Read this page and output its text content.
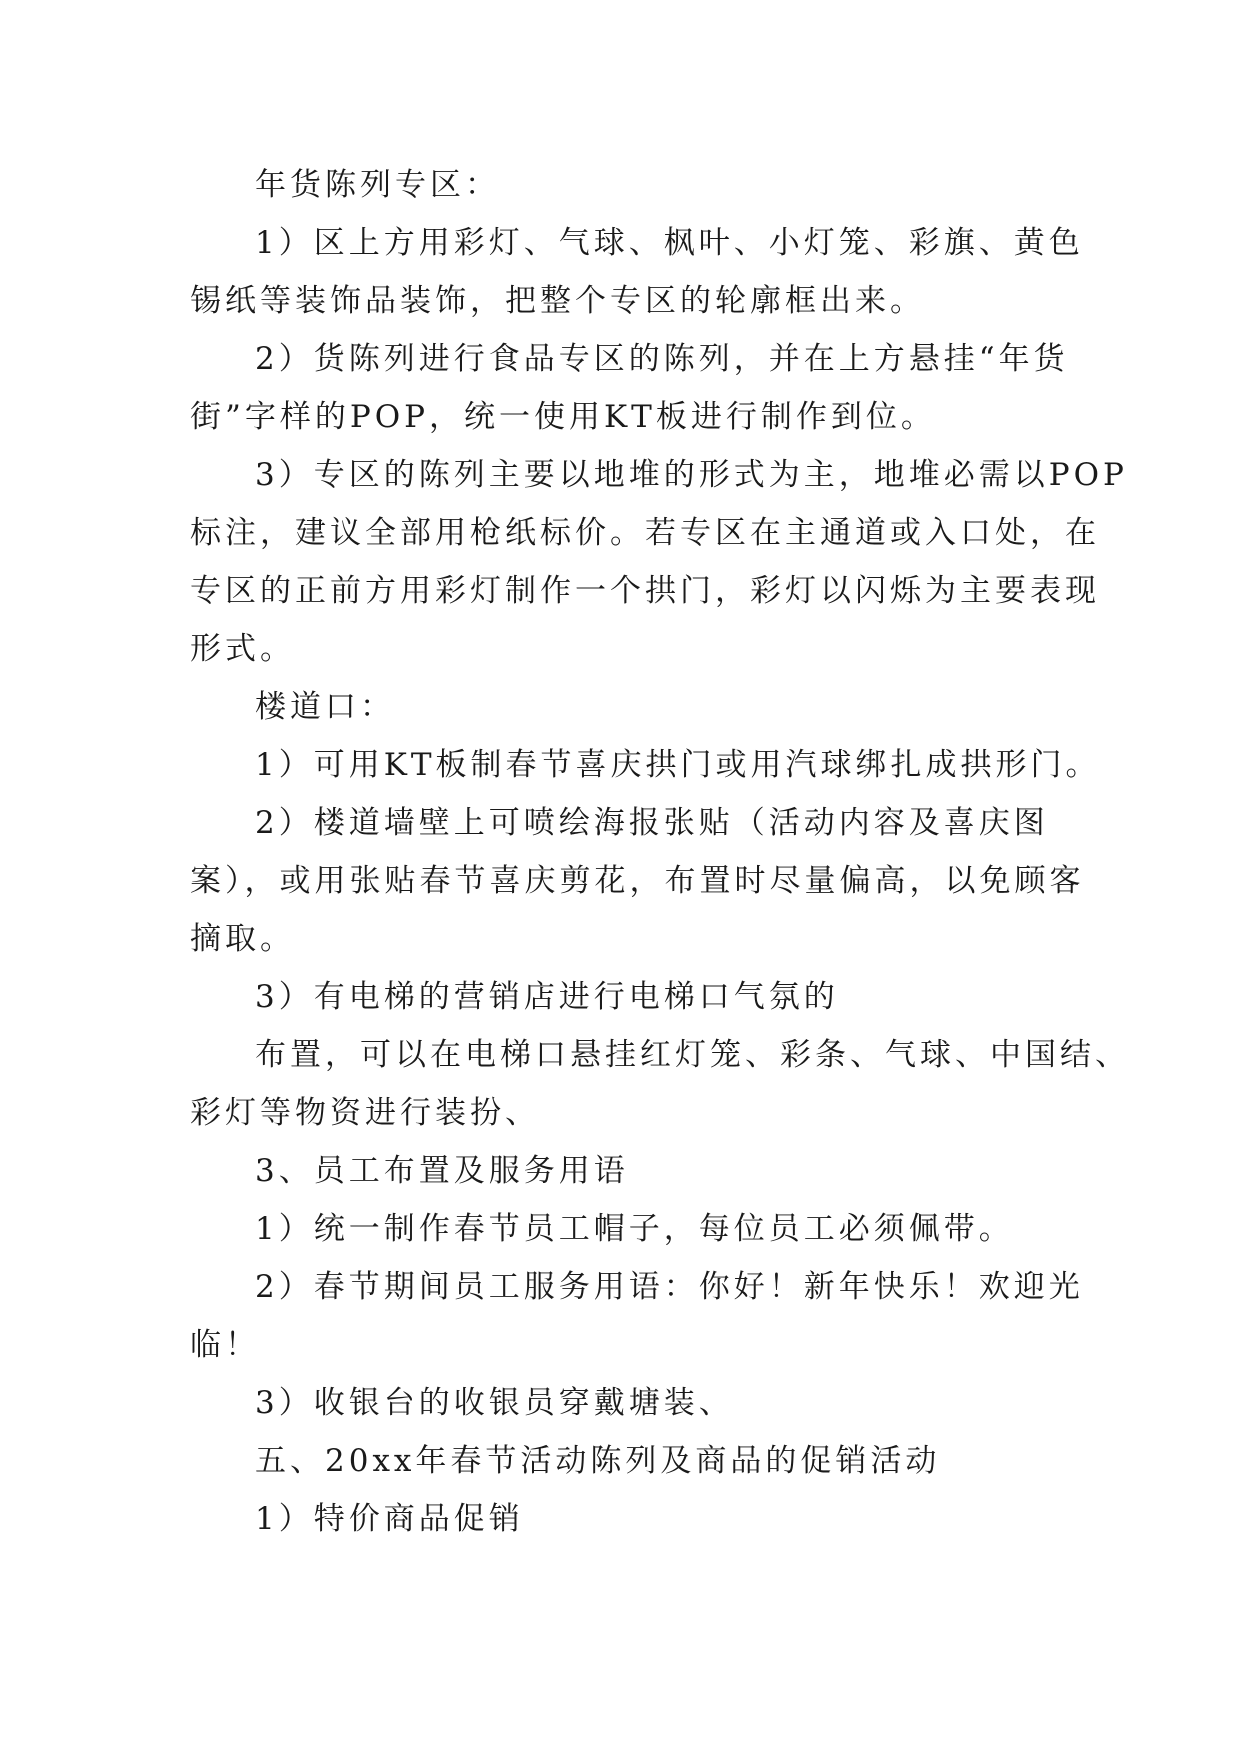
年货陈列专区：
1）区上方用彩灯、气球、枫叶、小灯笼、彩旗、黄色
锡纸等装饰品装饰，把整个专区的轮廓框出来。
2）货陈列进行食品专区的陈列，并在上方悬挂“年货
街”字样的POP，统一使用KT板进行制作到位。
3）专区的陈列主要以地堆的形式为主，地堆必需以POP
标注，建议全部用枪纸标价。若专区在主通道或入口处，在
专区的正前方用彩灯制作一个拱门，彩灯以闪烁为主要表现
形式。
楼道口：
1）可用KT板制春节喜庆拱门或用汽球绑扎成拱形门。
2）楼道墙壁上可喷绘海报张贴（活动内容及喜庆图
案），或用张贴春节喜庆剪花，布置时尽量偏高，以免顾客
摘取。
3）有电梯的营销店进行电梯口气氛的
布置，可以在电梯口悬挂红灯笼、彩条、气球、中国结、
彩灯等物资进行装扮、
3、员工布置及服务用语
1）统一制作春节员工帽子，每位员工必须佩带。
2）春节期间员工服务用语：你好！新年快乐！欢迎光
临！
3）收银台的收银员穿戴塘装、
五、20xx年春节活动陈列及商品的促销活动
1）特价商品促销
